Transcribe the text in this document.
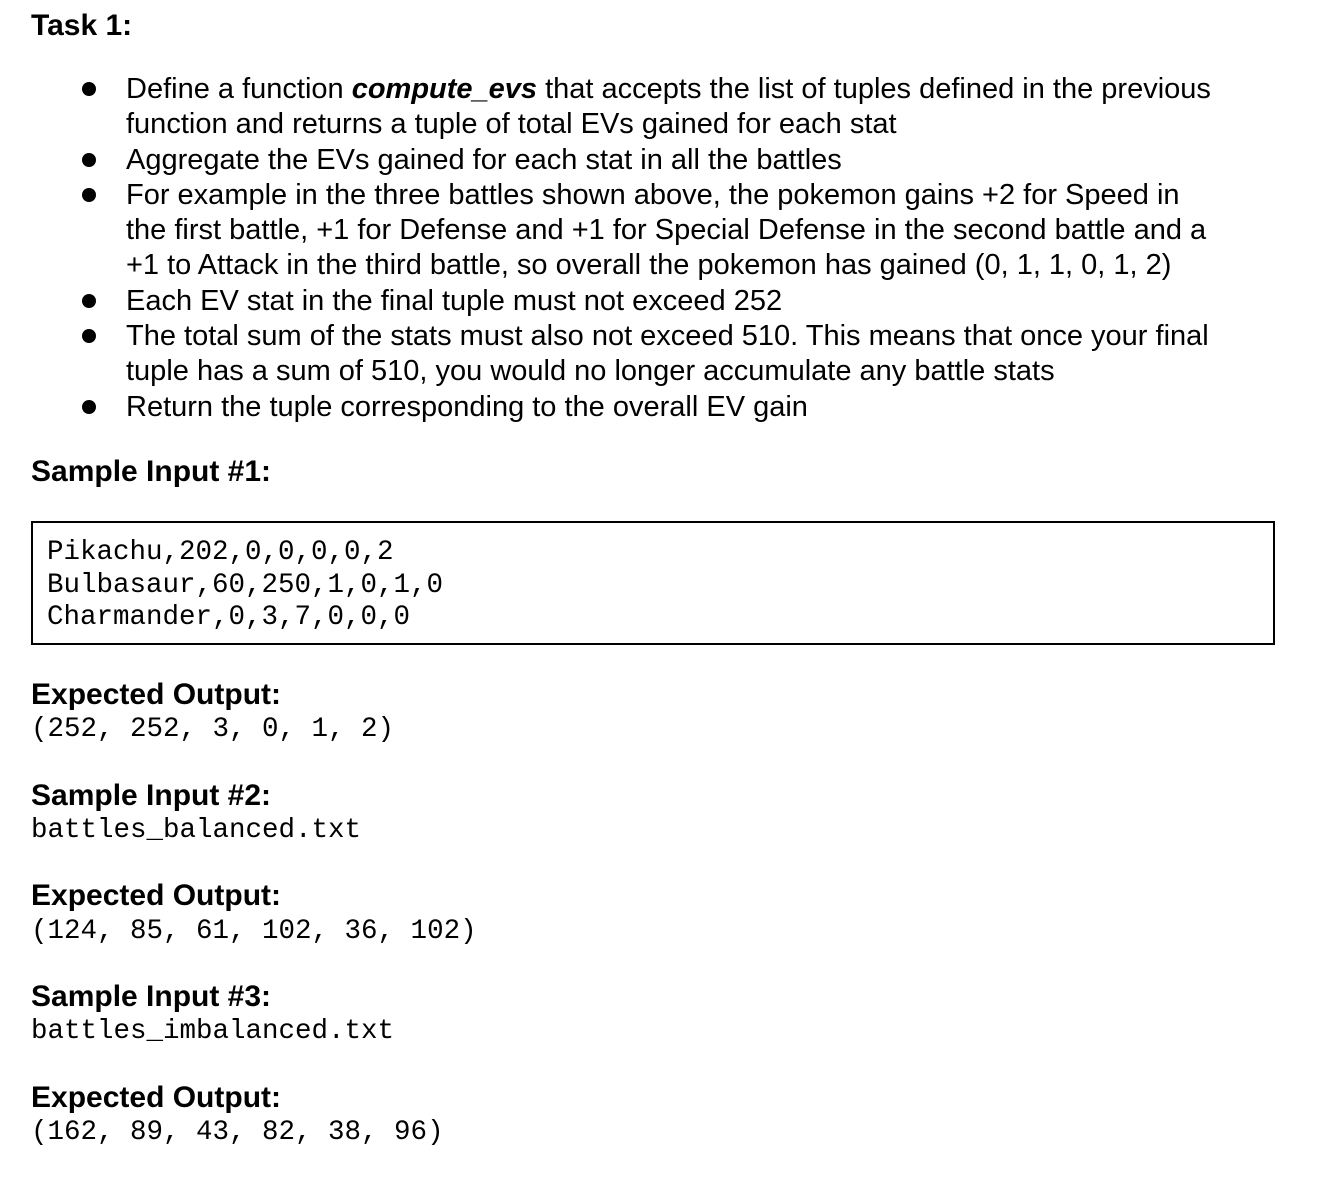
Task 1:
Define a function compute_evs that accepts the list of tuples defined in the previous
function and returns a tuple of total EVs gained for each stat
Aggregate the EVs gained for each stat in all the battles
For example in the three battles shown above, the pokemon gains +2 for Speed in
the first battle, +1 for Defense and +1 for Special Defense in the second battle and a
+1 to Attack in the third battle, so overall the pokemon has gained (0, 1, 1, 0, 1, 2)
Each EV stat in the final tuple must not exceed 252
The total sum of the stats must also not exceed 510. This means that once your final
tuple has a sum of 510, you would no longer accumulate any battle stats
Return the tuple corresponding to the overall EV gain
Sample Input #1:
Pikachu,202,0,0,0,0,2
Bulbasaur,60,250,1,0,1,0
Charmander,0,3,7,0,0,0
Expected Output:

(252, 252, 3, 0, 1, 2)

Sample Input #2:

battles_balanced.txt

Expected Output:

(124, 85, 61, 102, 36, 102)

Sample Input #3:

battles_imbalanced.txt

Expected Output:

(162, 89, 43, 82, 38, 96)
